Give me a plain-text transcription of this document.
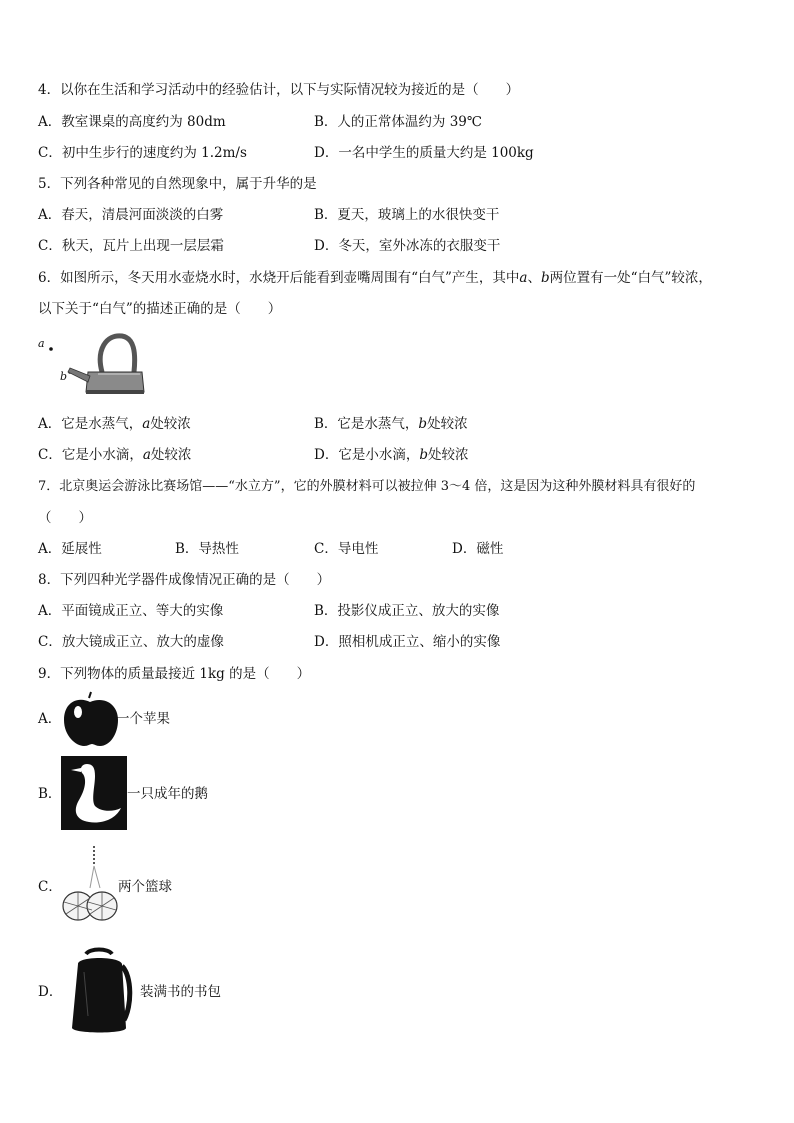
4．以你在生活和学习活动中的经验估计，以下与实际情况较为接近的是（　　）
A．教室课桌的高度约为 80dm	B．人的正常体温约为 39℃
C．初中生步行的速度约为 1.2m/s	D．一名中学生的质量大约是 100kg
5．下列各种常见的自然现象中，属于升华的是
A．春天，清晨河面淡淡的白雾	B．夏天，玻璃上的水很快变干
C．秋天，瓦片上出现一层层霜	D．冬天，室外冰冻的衣服变干
6．如图所示，冬天用水壶烧水时，水烧开后能看到壶嘴周围有“白气”产生，其中a、b两位置有一处“白气”较浓，
以下关于“白气”的描述正确的是（　　）
a
b
A．它是水蒸气，a处较浓	B．它是水蒸气，b处较浓
C．它是小水滴，a处较浓	D．它是小水滴，b处较浓
7．北京奥运会游泳比赛场馆——“水立方”，它的外膜材料可以被拉伸 3～4 倍，这是因为这种外膜材料具有很好的
（　　）
A．延展性	B．导热性	C．导电性	D．磁性
8．下列四种光学器件成像情况正确的是（　　）
A．平面镜成正立、等大的实像	B．投影仪成正立、放大的实像
C．放大镜成正立、放大的虚像	D．照相机成正立、缩小的实像
9．下列物体的质量最接近 1kg 的是（　　）
A．	一个苹果
B．	一只成年的鹅
C．	两个篮球
D．	装满书的书包
